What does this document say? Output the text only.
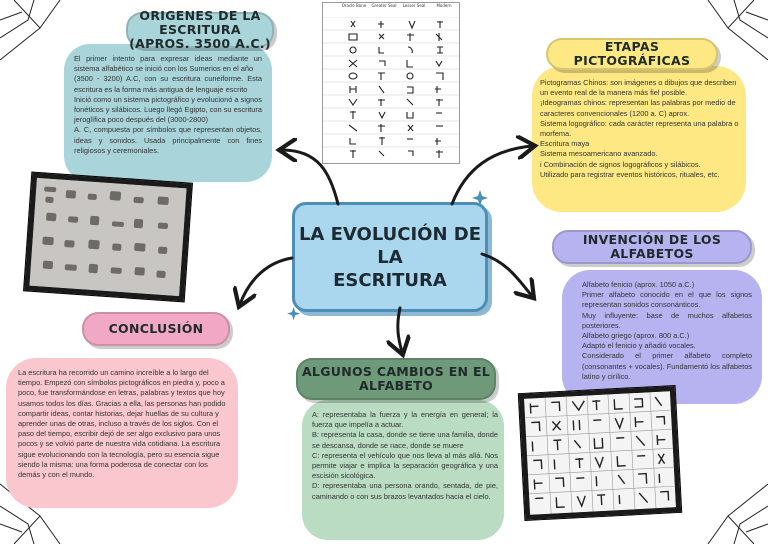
ORIGENES DE LA ESCRITURA
(APROS. 3500 A.C.)	ETAPAS PICTOGRÁFICAS
INVENCIÓN DE LOS ALFABETOS
CONCLUSIÓN
ALGUNOS CAMBIOS EN EL
ALFABETO

El primer intento para expresar ideas mediante un sistema alfabético se inició con los Sumerios en el año

(3500 - 3200) A.C, con su escritura cuneiforme. Esta escritura es la forma más antigua de lenguaje escrito

Inició como un sistema pictográfico y evolucionó a signos fonéticos y silábicos. Luego llegó Egipto, con su escritura jeroglífica poco después del (3000-2800)

A. C, compuesta por símbolos que representan objetos, ideas y sonidos. Usada principalmente con fines religiosos y ceremoniales.

Pictogramas Chinos: son imágenes o dibujos que describen un evento real de la manera más fiel posible.

¡Ideogramas chinos: representan las palabras por medio de caracteres convencionales (1200 a. C) aprox.

Sistema logográfico: cada carácter representa una palabra o morfema.

Escritura maya

Sistema mesoamericano avanzado.

i Combinación de signos logográficos y silábicos.

Utilizado para registrar eventos históricos, rituales, etc.

Alfabeto fenicio (aprox. 1050 a.C.)

Primer alfabeto conocido en el que los signos representan sonidos consonánticos.

Muy influyente: base de muchos alfabetos posteriores.

Alfabeto griego (aprox. 800 a.C.)

Adaptó el fenicio y añadió vocales.

Considerado el primer alfabeto completo (consonantes + vocales). Fundamentó los alfabetos latino y cirílico.

La escritura ha recorrido un camino increíble a lo largo del tiempo. Empezó con símbolos pictográficos en piedra y, poco a poco, fue transformándose en letras, palabras y textos que hoy usamos todos los días. Gracias a ella, las personas han podido compartir ideas, contar historias, dejar huellas de su cultura y aprender unas de otras, incluso a través de los siglos. Con el paso del tiempo, escribir dejó de ser algo exclusivo para unos pocos y se volvió parte de nuestra vida cotidiana. La escritura sigue evolucionando con la tecnología, pero su esencia sigue siendo la misma: una forma poderosa de conectar con los demás y con el mundo.

A: representaba la fuerza y la energía en general; la fuerza que impelía a actuar.

B: representa la casa, donde se tiene una familia, donde se descansa, donde se nace, donde se muere

C: representa el vehículo que nos lleva al más allá. Nos permite viajar e implica la separación geográfica y una escisión sicológica.

D: representaba una persona orando, sentada, de pie, caminando o con sus brazos levantados hacia el cielo.

LA EVOLUCIÓN DE
LA
ESCRITURA
Oracle Bone	Greater Seal	Lesser Seal	Modern
